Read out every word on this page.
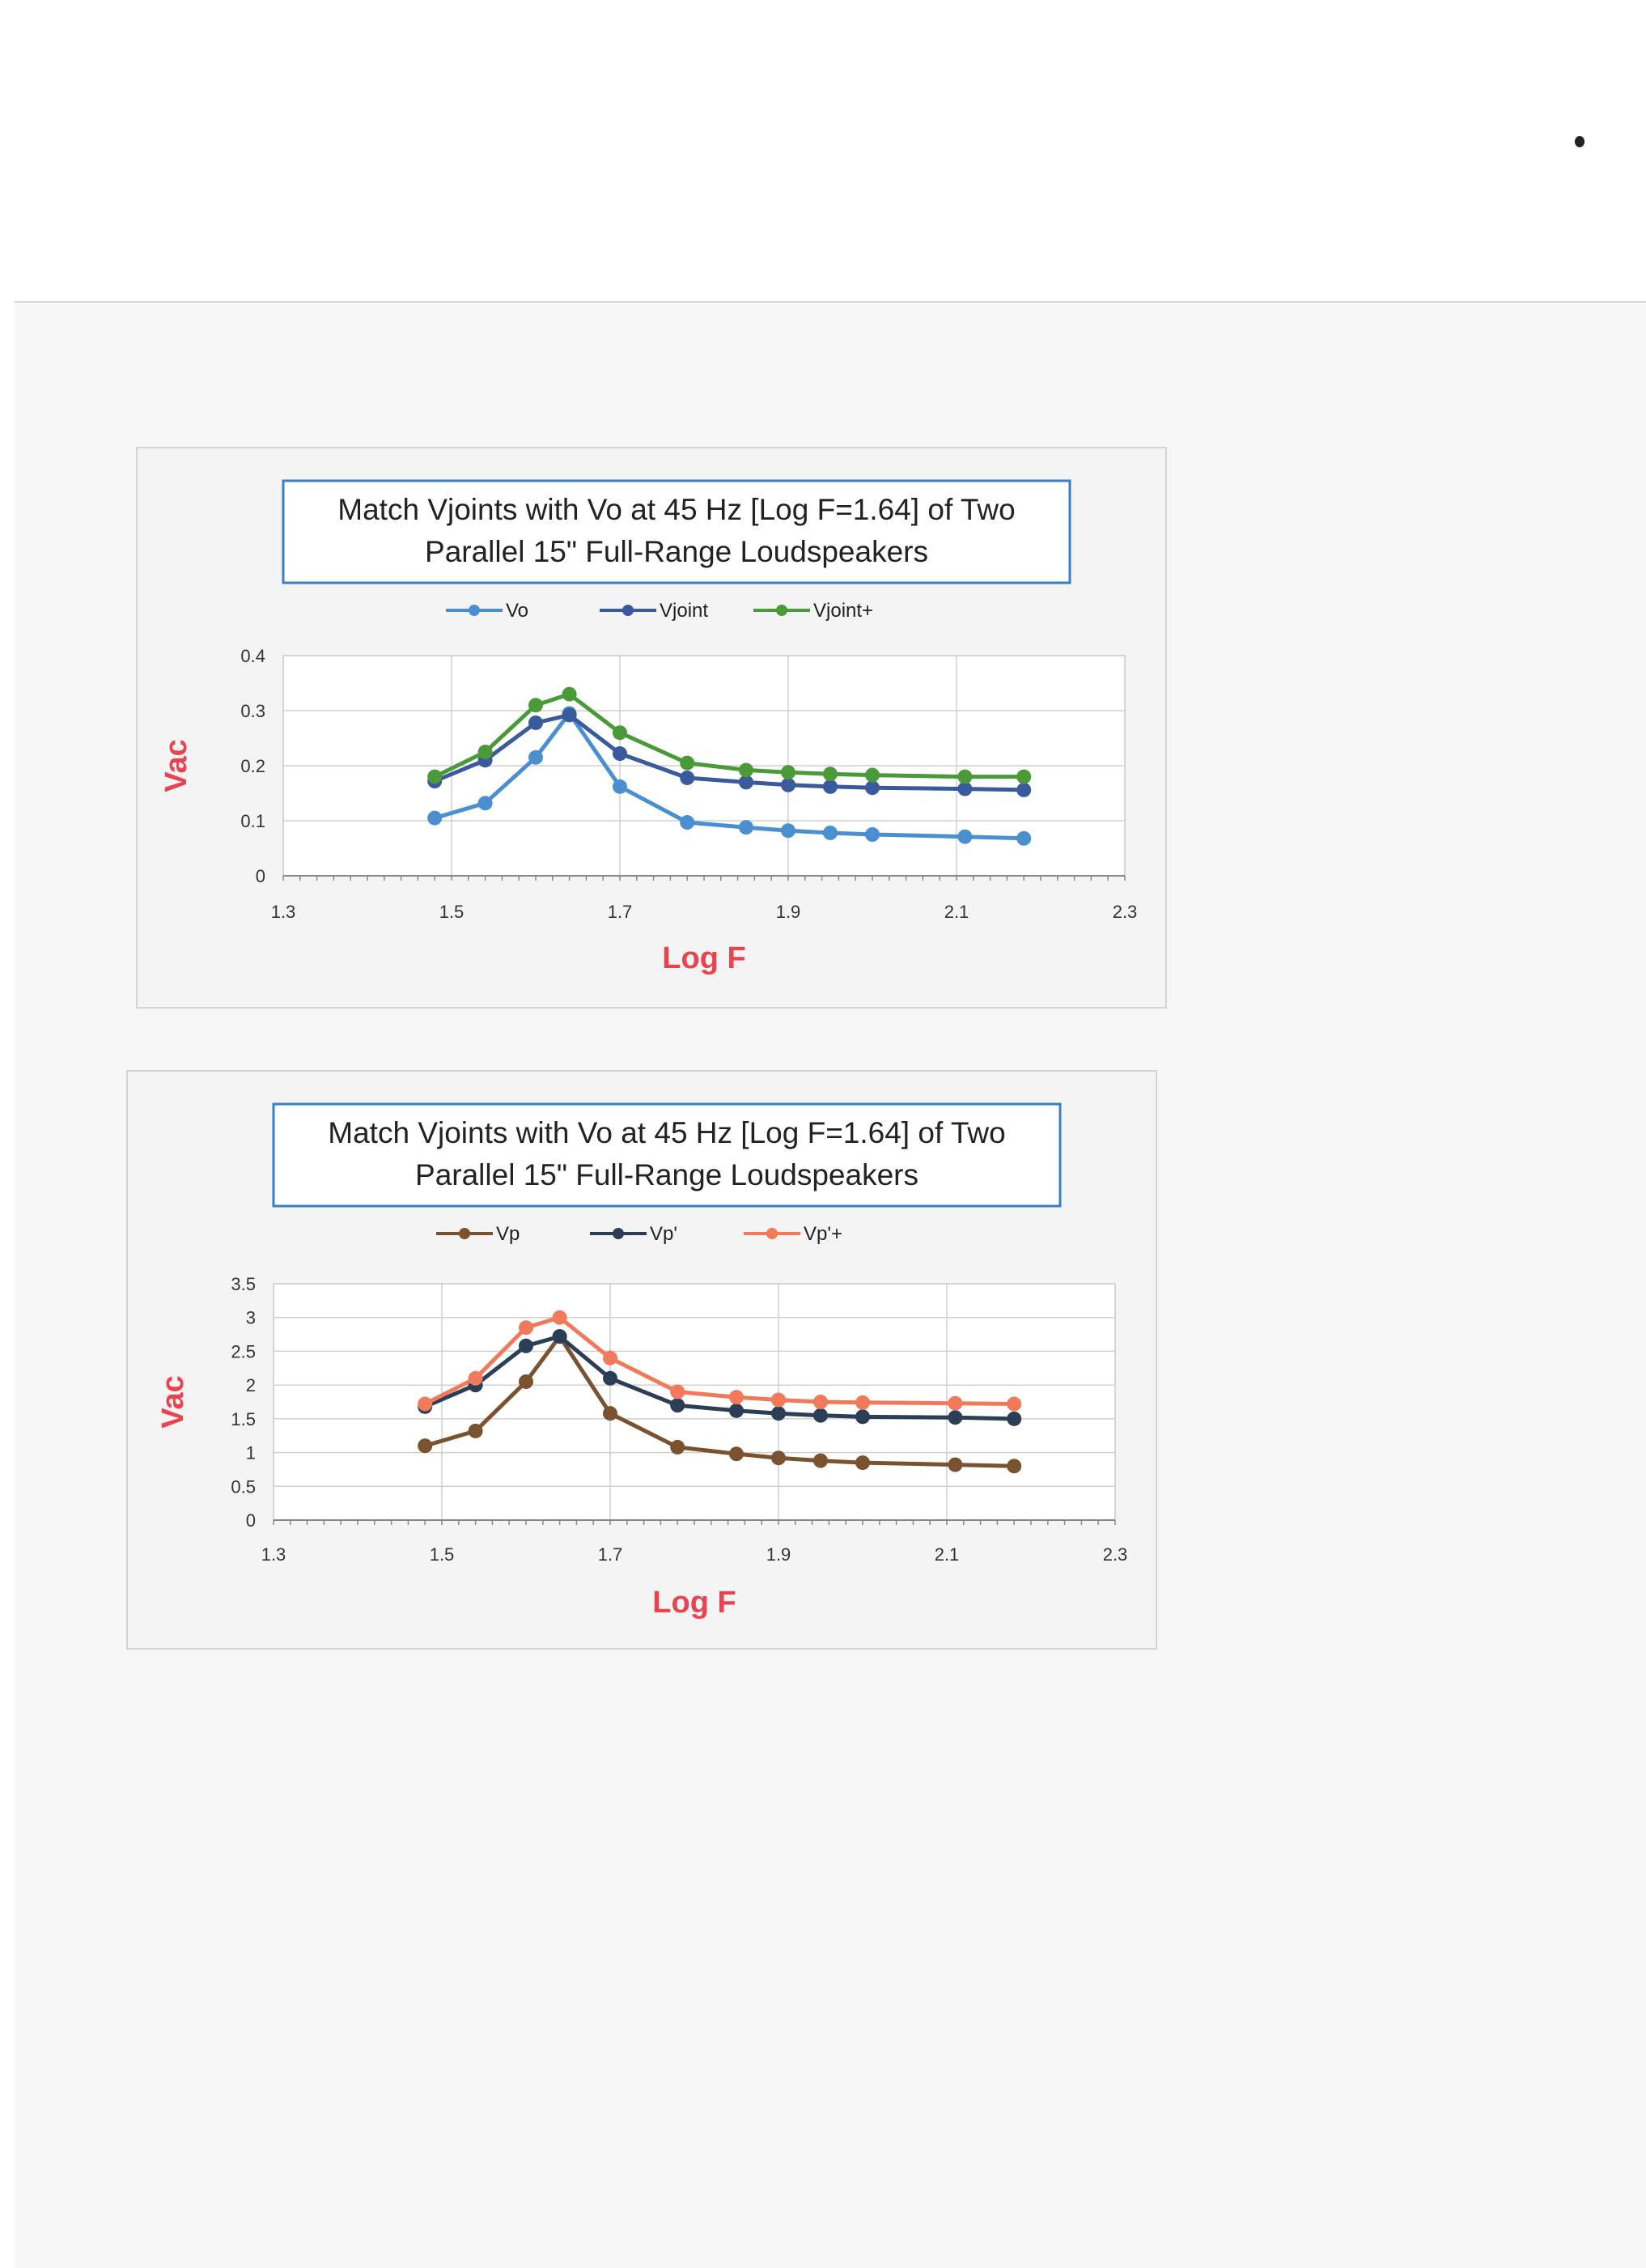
Match Vjoints with Vo at 45 Hz [Log F=1.64] of Two
Parallel 15" Full-Range Loudspeakers
Vo	Vjoint	Vjoint+
0
0.1
0.2
0.3
0.4
1.3	1.5	1.7	1.9	2.1	2.3
Log F
Vac
Match Vjoints with Vo at 45 Hz [Log F=1.64] of Two
Parallel 15" Full-Range Loudspeakers
Vp	Vp'	Vp'+
0
0.5
1
1.5
2
2.5
3
3.5
1.3	1.5	1.7	1.9	2.1	2.3
Log F
Vac
